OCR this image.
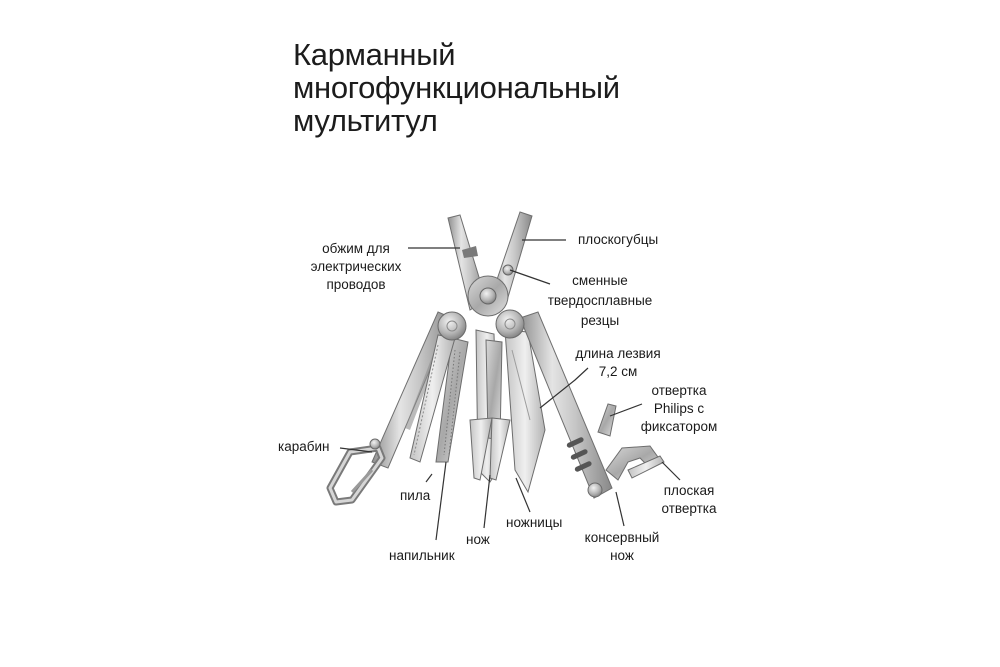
Карманный
многофункциональный
мультитул
обжим для
электрических
проводов
плоскогубцы
сменные
твердосплавные
резцы
длина лезвия
7,2 см
отвертка
Philips с
фиксатором
карабин
пила	плоская
отвертка
ножницы
консервный
нож
нож
напильник
